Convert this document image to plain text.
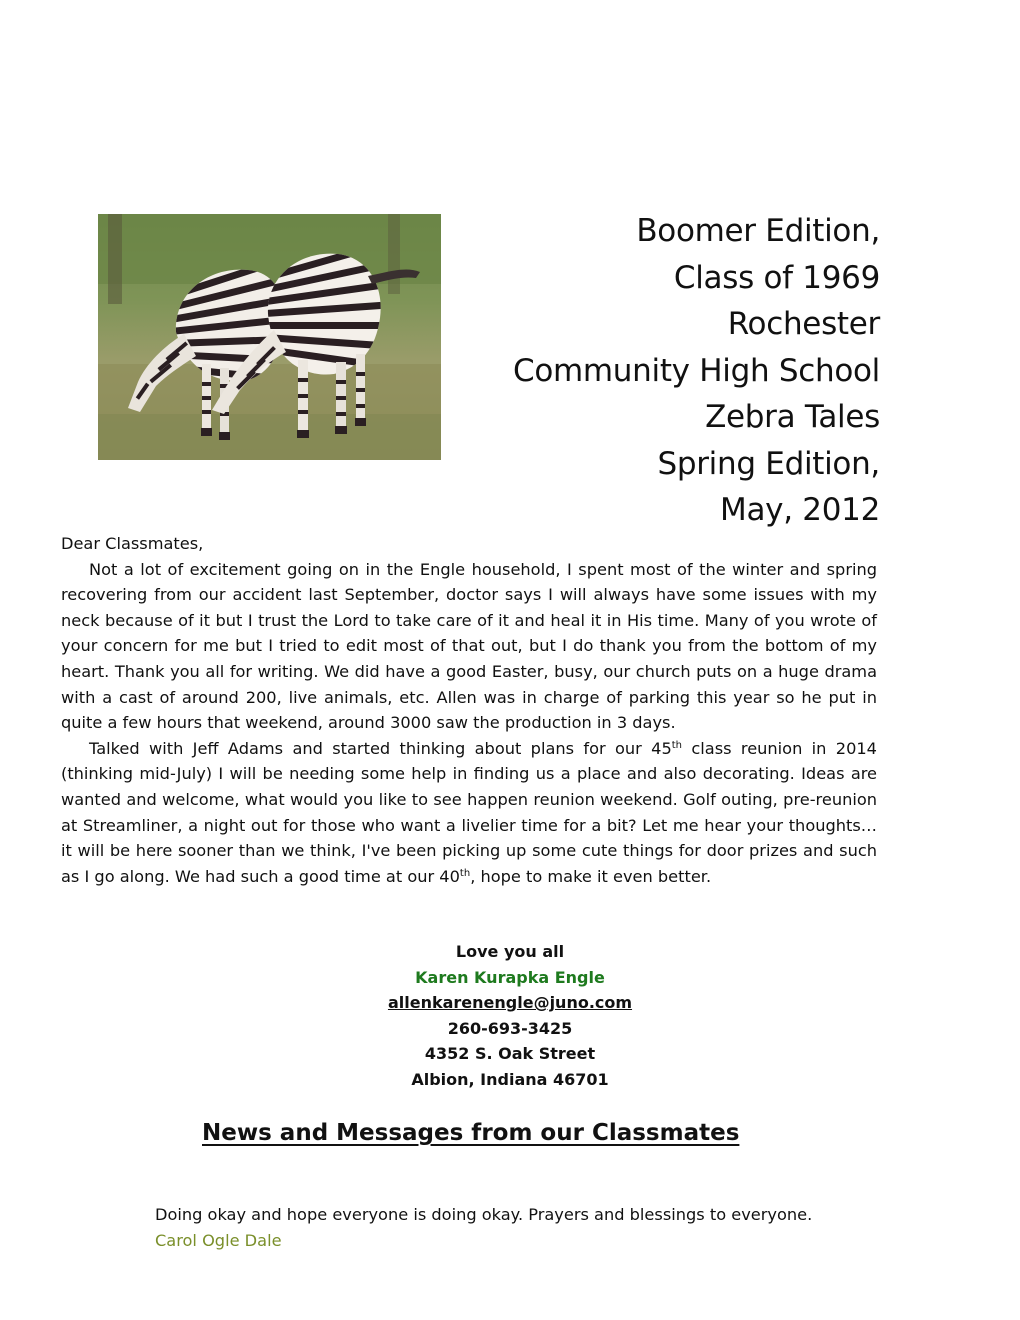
Boomer Edition,
Class of 1969
Rochester
Community High School
Zebra Tales
Spring Edition,
May, 2012

Dear Classmates,

Not a lot of excitement going on in the Engle household, I spent most of the winter and spring recovering from our accident last September, doctor says I will always have some issues with my neck because of it but I trust the Lord to take care of it and heal it in His time. Many of you wrote of your concern for me but I tried to edit most of that out, but I do thank you from the bottom of my heart. Thank you all for writing. We did have a good Easter, busy, our church puts on a huge drama with a cast of around 200, live animals, etc. Allen was in charge of parking this year so he put in quite a few hours that weekend, around 3000 saw the production in 3 days.

Talked with Jeff Adams and started thinking about plans for our 45th class reunion in 2014 (thinking mid-July) I will be needing some help in finding us a place and also decorating. Ideas are wanted and welcome, what would you like to see happen reunion weekend. Golf outing, pre-reunion at Streamliner, a night out for those who want a livelier time for a bit? Let me hear your thoughts…it will be here sooner than we think, I've been picking up some cute things for door prizes and such as I go along. We had such a good time at our 40th, hope to make it even better.

Love you all
Karen Kurapka Engle
allenkarenengle@juno.com
260-693-3425
4352 S. Oak Street
Albion, Indiana 46701
News and Messages from our Classmates
Doing okay and hope everyone is doing okay. Prayers and blessings to everyone.
Carol Ogle Dale
